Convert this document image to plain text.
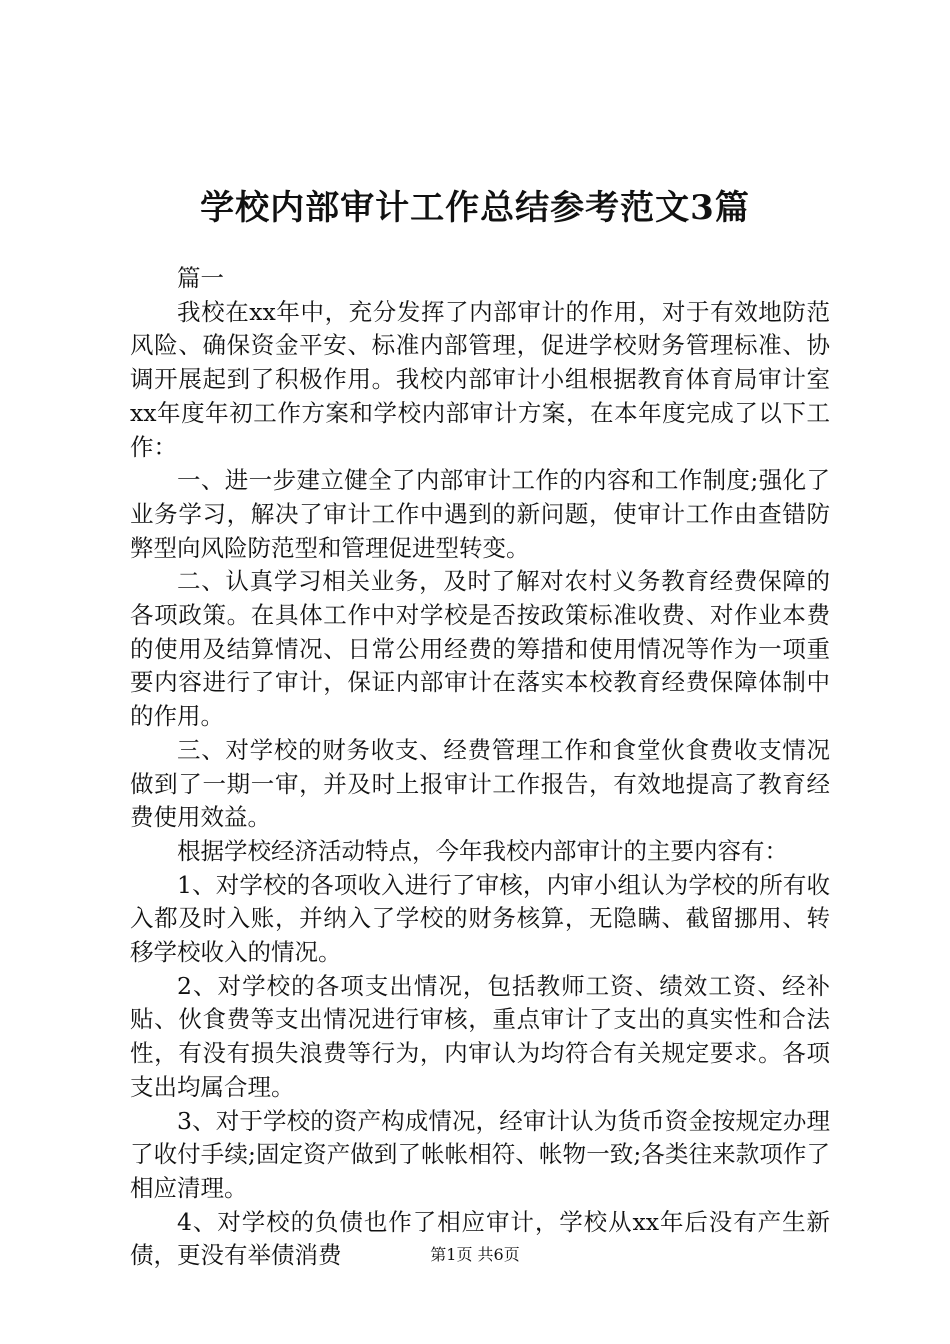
学校内部审计工作总结参考范文3篇

篇一

我校在xx年中，充分发挥了内部审计的作用，对于有效地防范风险、确保资金平安、标准内部管理，促进学校财务管理标准、协调开展起到了积极作用。我校内部审计小组根据教育体育局审计室xx年度年初工作方案和学校内部审计方案，在本年度完成了以下工作：

一、进一步建立健全了内部审计工作的内容和工作制度;强化了业务学习，解决了审计工作中遇到的新问题，使审计工作由查错防弊型向风险防范型和管理促进型转变。

二、认真学习相关业务，及时了解对农村义务教育经费保障的各项政策。在具体工作中对学校是否按政策标准收费、对作业本费的使用及结算情况、日常公用经费的筹措和使用情况等作为一项重要内容进行了审计，保证内部审计在落实本校教育经费保障体制中的作用。

三、对学校的财务收支、经费管理工作和食堂伙食费收支情况做到了一期一审，并及时上报审计工作报告，有效地提高了教育经费使用效益。

根据学校经济活动特点，今年我校内部审计的主要内容有：

1、对学校的各项收入进行了审核，内审小组认为学校的所有收入都及时入账，并纳入了学校的财务核算，无隐瞒、截留挪用、转移学校收入的情况。

2、对学校的各项支出情况，包括教师工资、绩效工资、经补贴、伙食费等支出情况进行审核，重点审计了支出的真实性和合法性，有没有损失浪费等行为，内审认为均符合有关规定要求。各项支出均属合理。

3、对于学校的资产构成情况，经审计认为货币资金按规定办理了收付手续;固定资产做到了帐帐相符、帐物一致;各类往来款项作了相应清理。

4、对学校的负债也作了相应审计，学校从xx年后没有产生新债，更没有举债消费	第1页 共6页
